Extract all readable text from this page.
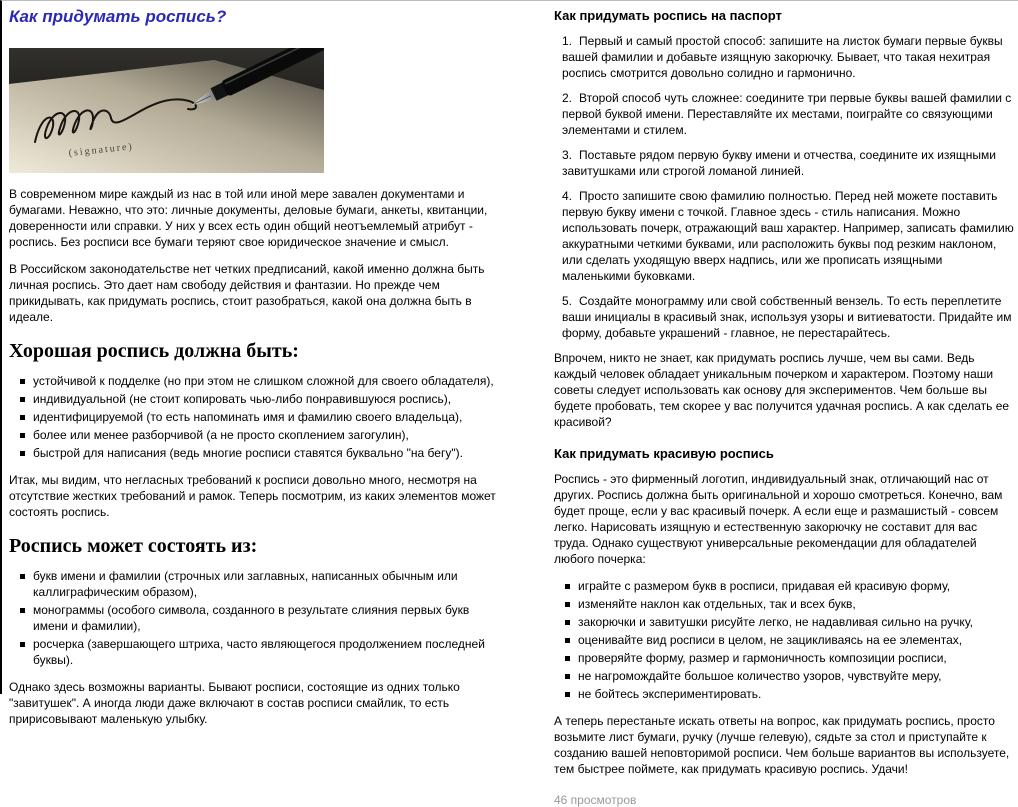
Как придумать роспись?
(signature)

В современном мире каждый из нас в той или иной мере завален документами и бумагами. Неважно, что это: личные документы, деловые бумаги, анкеты, квитанции, доверенности или справки. У них у всех есть один общий неотъемлемый атрибут - роспись. Без росписи все бумаги теряют свое юридическое значение и смысл.

В Российском законодательстве нет четких предписаний, какой именно должна быть личная роспись. Это дает нам свободу действия и фантазии. Но прежде чем прикидывать, как придумать роспись, стоит разобраться, какой она должна быть в идеале.

Хорошая роспись должна быть:
устойчивой к подделке (но при этом не слишком сложной для своего обладателя),
индивидуальной (не стоит копировать чью-либо понравившуюся роспись),
идентифицируемой (то есть напоминать имя и фамилию своего владельца),
более или менее разборчивой (а не просто скоплением загогулин),
быстрой для написания (ведь многие росписи ставятся буквально "на бегу").

Итак, мы видим, что негласных требований к росписи довольно много, несмотря на отсутствие жестких требований и рамок. Теперь посмотрим, из каких элементов может состоять роспись.

Роспись может состоять из:
букв имени и фамилии (строчных или заглавных, написанных обычным или каллиграфическим образом),
монограммы (особого символа, созданного в результате слияния первых букв имени и фамилии),
росчерка (завершающего штриха, часто являющегося продолжением последней буквы).

Однако здесь возможны варианты. Бывают росписи, состоящие из одних только "завитушек". А иногда люди даже включают в состав росписи смайлик, то есть пририсовывают маленькую улыбку.

Как придумать роспись на паспорт

1. Первый и самый простой способ: запишите на листок бумаги первые буквы вашей фамилии и добавьте изящную закорючку. Бывает, что такая нехитрая роспись смотрится довольно солидно и гармонично.

2. Второй способ чуть сложнее: соедините три первые буквы вашей фамилии с первой буквой имени. Переставляйте их местами, поиграйте со связующими элементами и стилем.

3. Поставьте рядом первую букву имени и отчества, соедините их изящными завитушками или строгой ломаной линией.

4. Просто запишите свою фамилию полностью. Перед ней можете поставить первую букву имени с точкой. Главное здесь - стиль написания. Можно использовать почерк, отражающий ваш характер. Например, записать фамилию аккуратными четкими буквами, или расположить буквы под резким наклоном, или сделать уходящую вверх надпись, или же прописать изящными маленькими буковками.

5. Создайте монограмму или свой собственный вензель. То есть переплетите ваши инициалы в красивый знак, используя узоры и витиеватости. Придайте им форму, добавьте украшений - главное, не перестарайтесь.

Впрочем, никто не знает, как придумать роспись лучше, чем вы сами. Ведь каждый человек обладает уникальным почерком и характером. Поэтому наши советы следует использовать как основу для экспериментов. Чем больше вы будете пробовать, тем скорее у вас получится удачная роспись. А как сделать ее красивой?

Как придумать красивую роспись

Роспись - это фирменный логотип, индивидуальный знак, отличающий нас от других. Роспись должна быть оригинальной и хорошо смотреться. Конечно, вам будет проще, если у вас красивый почерк. А если еще и размашистый - совсем легко. Нарисовать изящную и естественную закорючку не составит для вас труда. Однако существуют универсальные рекомендации для обладателей любого почерка:

играйте с размером букв в росписи, придавая ей красивую форму,
изменяйте наклон как отдельных, так и всех букв,
закорючки и завитушки рисуйте легко, не надавливая сильно на ручку,
оценивайте вид росписи в целом, не зацикливаясь на ее элементах,
проверяйте форму, размер и гармоничность композиции росписи,
не нагромождайте большое количество узоров, чувствуйте меру,
не бойтесь экспериментировать.

А теперь перестаньте искать ответы на вопрос, как придумать роспись, просто возьмите лист бумаги, ручку (лучше гелевую), сядьте за стол и приступайте к созданию вашей неповторимой росписи. Чем больше вариантов вы используете, тем быстрее поймете, как придумать красивую роспись. Удачи!

46 просмотров
